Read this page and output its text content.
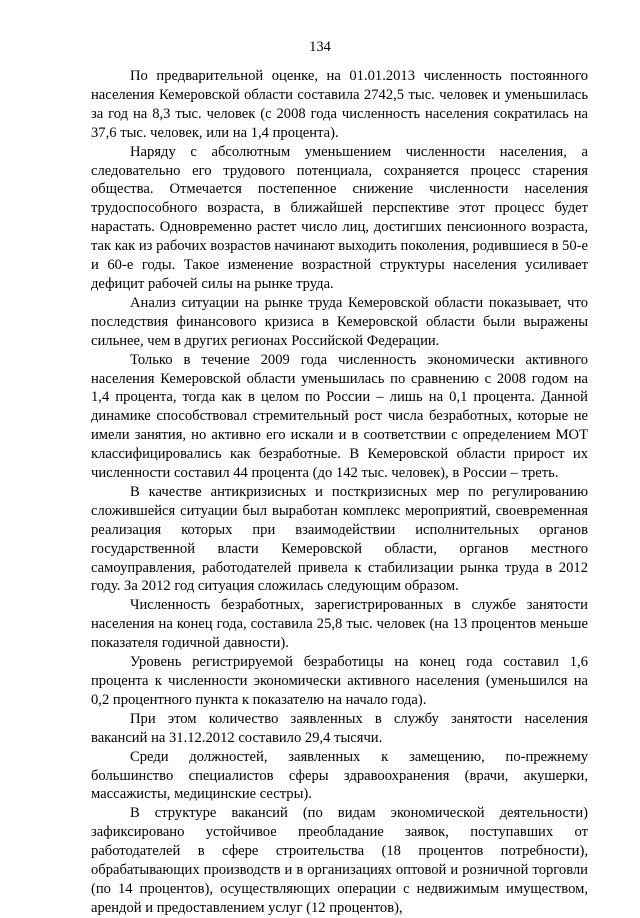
134

По предварительной оценке, на 01.01.2013 численность постоянного населения Кемеровской области составила 2742,5 тыс. человек и уменьшилась за год на 8,3 тыс. человек (с 2008 года численность населения сократилась на 37,6 тыс. человек, или на 1,4 процента).

Наряду с абсолютным уменьшением численности населения, а следовательно его трудового потенциала, сохраняется процесс старения общества. Отмечается постепенное снижение численности населения трудоспособного возраста, в ближайшей перспективе этот процесс будет нарастать. Одновременно растет число лиц, достигших пенсионного возраста, так как из рабочих возрастов начинают выходить поколения, родившиеся в 50-е и 60-е годы. Такое изменение возрастной структуры населения усиливает дефицит рабочей силы на рынке труда.

Анализ ситуации на рынке труда Кемеровской области показывает, что последствия финансового кризиса в Кемеровской области были выражены сильнее, чем в других регионах Российской Федерации.

Только в течение 2009 года численность экономически активного населения Кемеровской области уменьшилась по сравнению с 2008 годом на 1,4 процента, тогда как в целом по России – лишь на 0,1 процента. Данной динамике способствовал стремительный рост числа безработных, которые не имели занятия, но активно его искали и в соответствии с определением МОТ классифицировались как безработные. В Кемеровской области прирост их численности составил 44 процента (до 142 тыс. человек), в России – треть.

В качестве антикризисных и посткризисных мер по регулированию сложившейся ситуации был выработан комплекс мероприятий, своевременная реализация которых при взаимодействии исполнительных органов государственной власти Кемеровской области, органов местного самоуправления, работодателей привела к стабилизации рынка труда в 2012 году. За 2012 год ситуация сложилась следующим образом.

Численность безработных, зарегистрированных в службе занятости населения на конец года, составила 25,8 тыс. человек (на 13 процентов меньше показателя годичной давности).

Уровень регистрируемой безработицы на конец года составил 1,6 процента к численности экономически активного населения (уменьшился на 0,2 процентного пункта к показателю на начало года).

При этом количество заявленных в службу занятости населения вакансий на 31.12.2012 составило 29,4 тысячи.

Среди должностей, заявленных к замещению, по-прежнему большинство специалистов сферы здравоохранения (врачи, акушерки, массажисты, медицинские сестры).

В структуре вакансий (по видам экономической деятельности) зафиксировано устойчивое преобладание заявок, поступавших от работодателей в сфере строительства (18 процентов потребности), обрабатывающих производств и в организациях оптовой и розничной торговли (по 14 процентов), осуществляющих операции с недвижимым имуществом, арендой и предоставлением услуг (12 процентов),
